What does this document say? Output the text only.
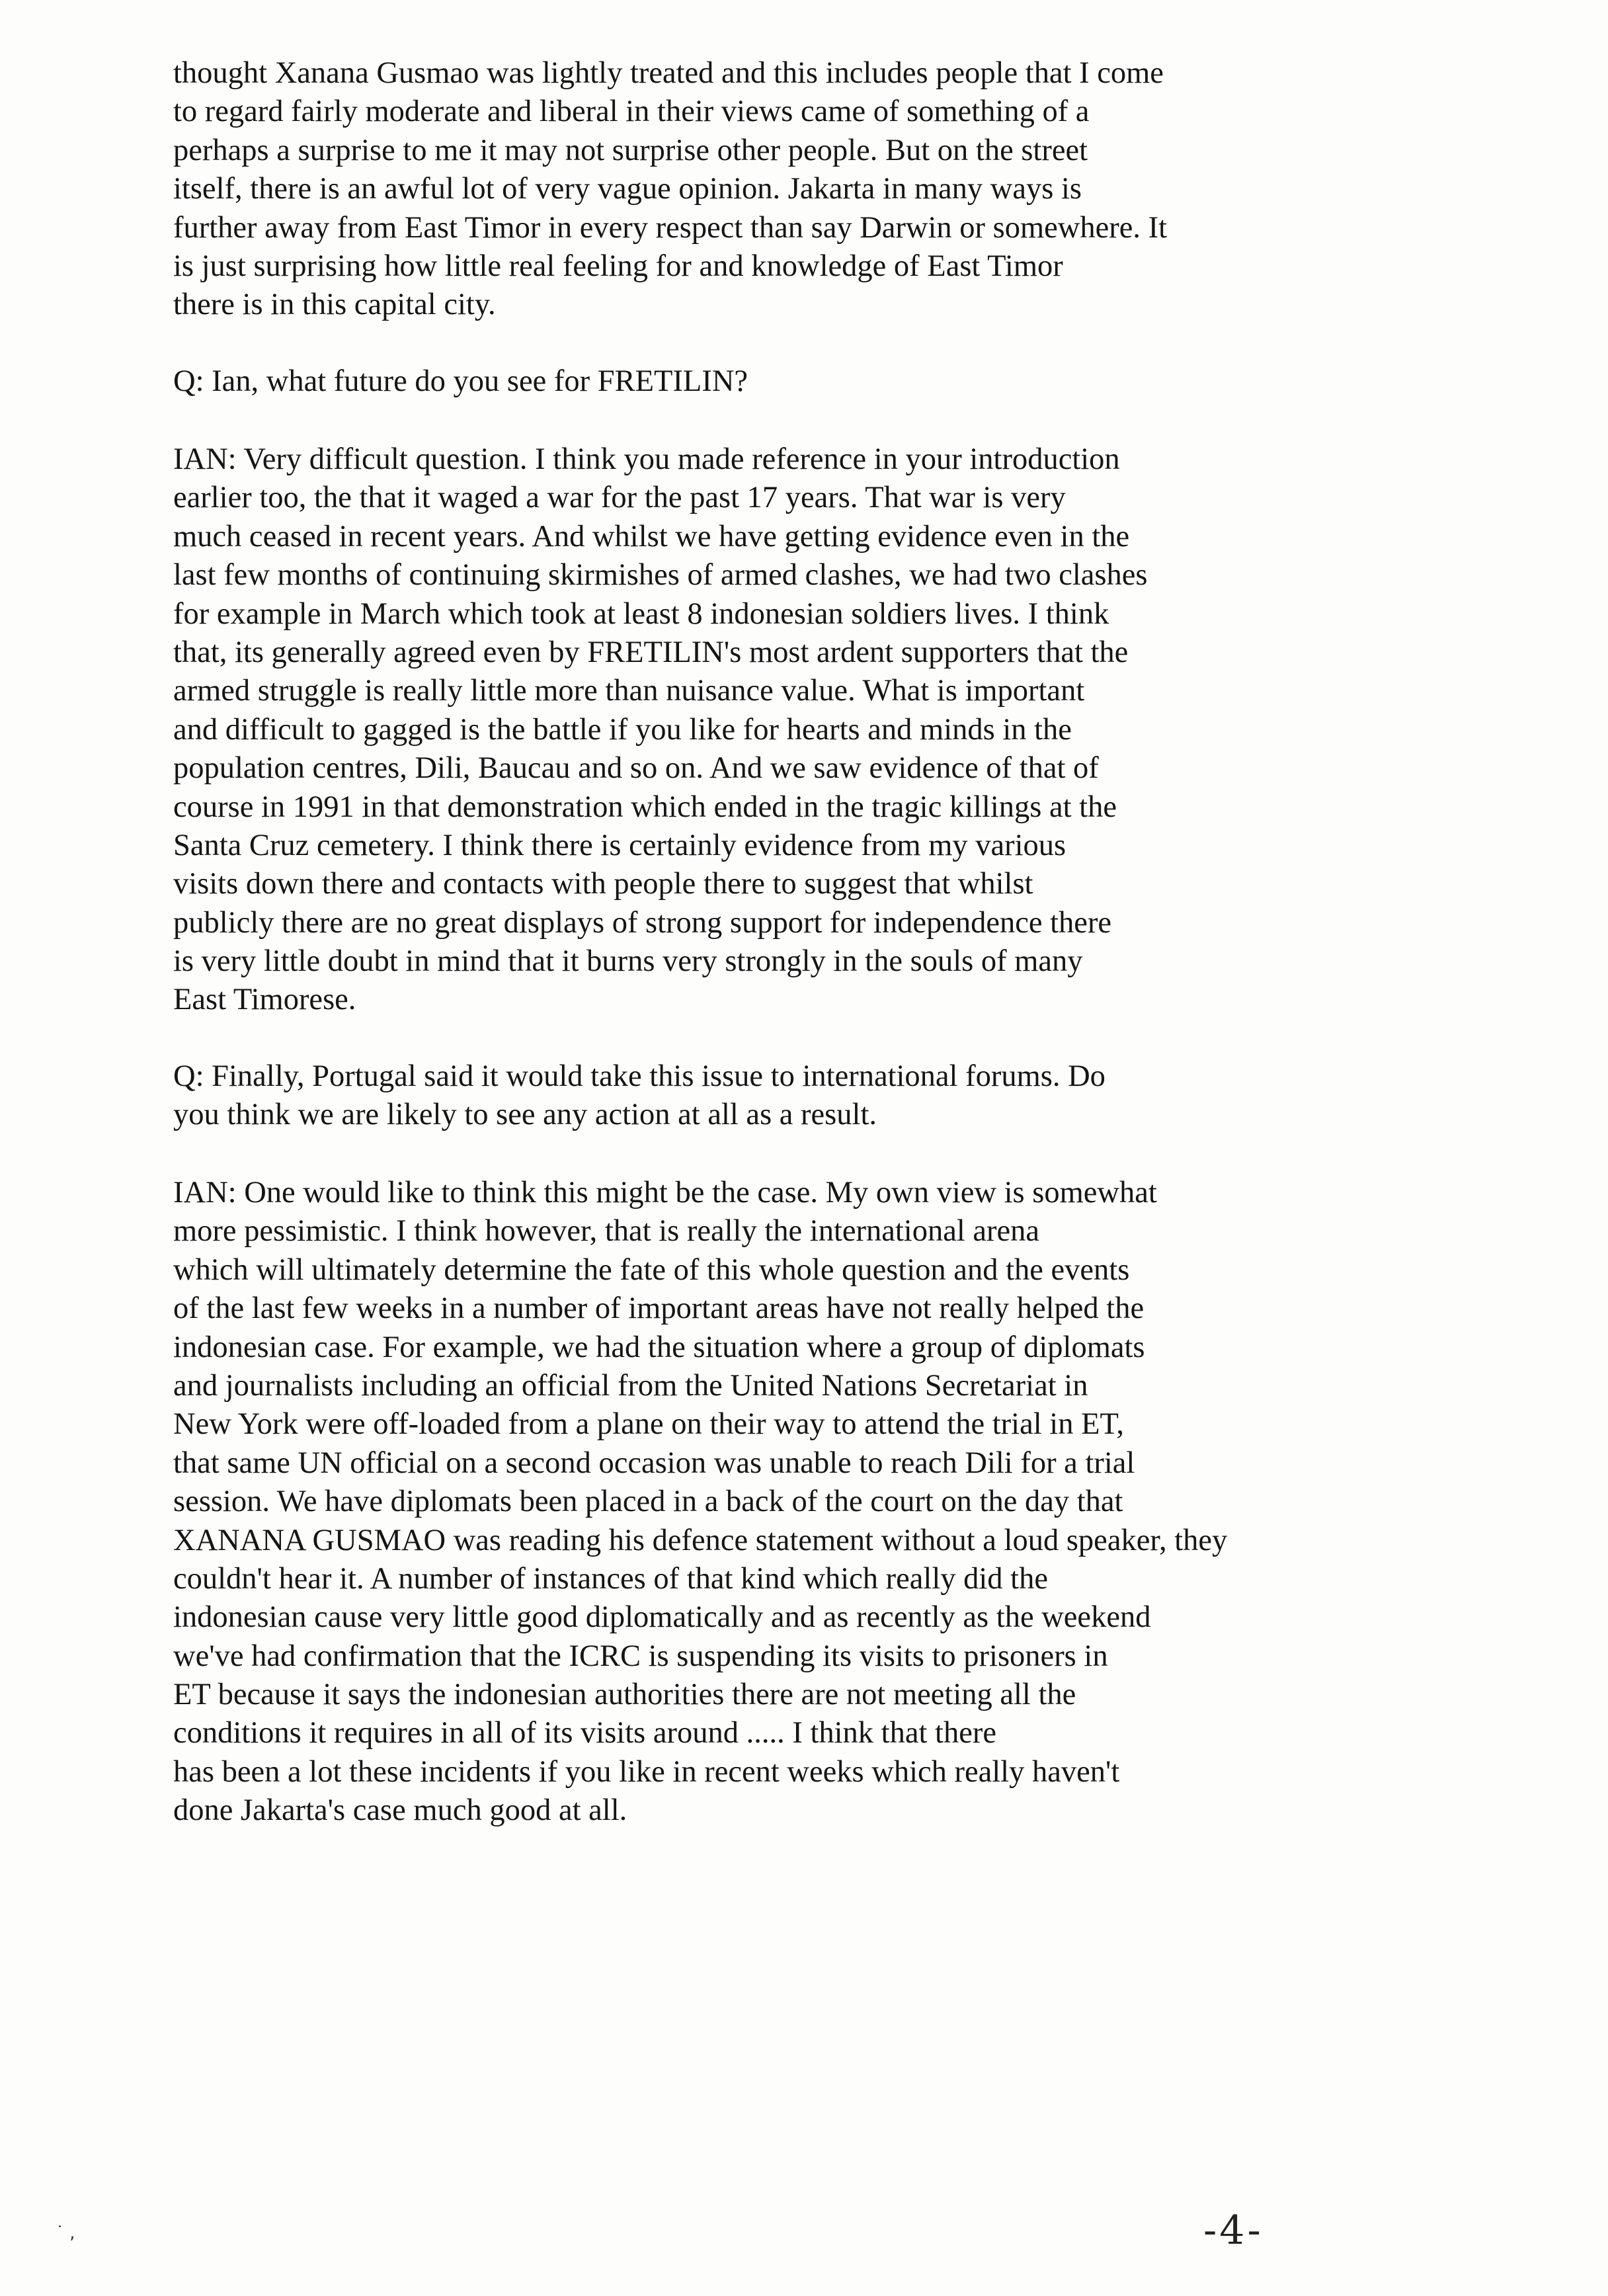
thought Xanana Gusmao was lightly treated and this includes people that I come
to regard fairly moderate and liberal in their views came of something of a
perhaps a surprise to me it may not surprise other people. But on the street
itself, there is an awful lot of very vague opinion. Jakarta in many ways is
further away from East Timor in every respect than say Darwin or somewhere. It
is just surprising how little real feeling for and knowledge of East Timor
there is in this capital city.
Q: Ian, what future do you see for FRETILIN?
IAN: Very difficult question. I think you made reference in your introduction
earlier too, the that it waged a war for the past 17 years. That war is very
much ceased in recent years. And whilst we have getting evidence even in the
last few months of continuing skirmishes of armed clashes, we had two clashes
for example in March which took at least 8 indonesian soldiers lives. I think
that, its generally agreed even by FRETILIN's most ardent supporters that the
armed struggle is really little more than nuisance value. What is important
and difficult to gagged is the battle if you like for hearts and minds in the
population centres, Dili, Baucau and so on. And we saw evidence of that of
course in 1991 in that demonstration which ended in the tragic killings at the
Santa Cruz cemetery. I think there is certainly evidence from my various
visits down there and contacts with people there to suggest that whilst
publicly there are no great displays of strong support for independence there
is very little doubt in mind that it burns very strongly in the souls of many
East Timorese.
Q: Finally, Portugal said it would take this issue to international forums. Do
you think we are likely to see any action at all as a result.
IAN: One would like to think this might be the case. My own view is somewhat
more pessimistic. I think however, that is really the international arena
which will ultimately determine the fate of this whole question and the events
of the last few weeks in a number of important areas have not really helped the
indonesian case. For example, we had the situation where a group of diplomats
and journalists including an official from the United Nations Secretariat in
New York were off-loaded from a plane on their way to attend the trial in ET,
that same UN official on a second occasion was unable to reach Dili for a trial
session. We have diplomats been placed in a back of the court on the day that
XANANA GUSMAO was reading his defence statement without a loud speaker, they
couldn't hear it. A number of instances of that kind which really did the
indonesian cause very little good diplomatically and as recently as the weekend
we've had confirmation that the ICRC is suspending its visits to prisoners in
ET because it says the indonesian authorities there are not meeting all the
conditions it requires in all of its visits around ..... I think that there
has been a lot these incidents if you like in recent weeks which really haven't
done Jakarta's case much good at all.
-4-
˙ ,
